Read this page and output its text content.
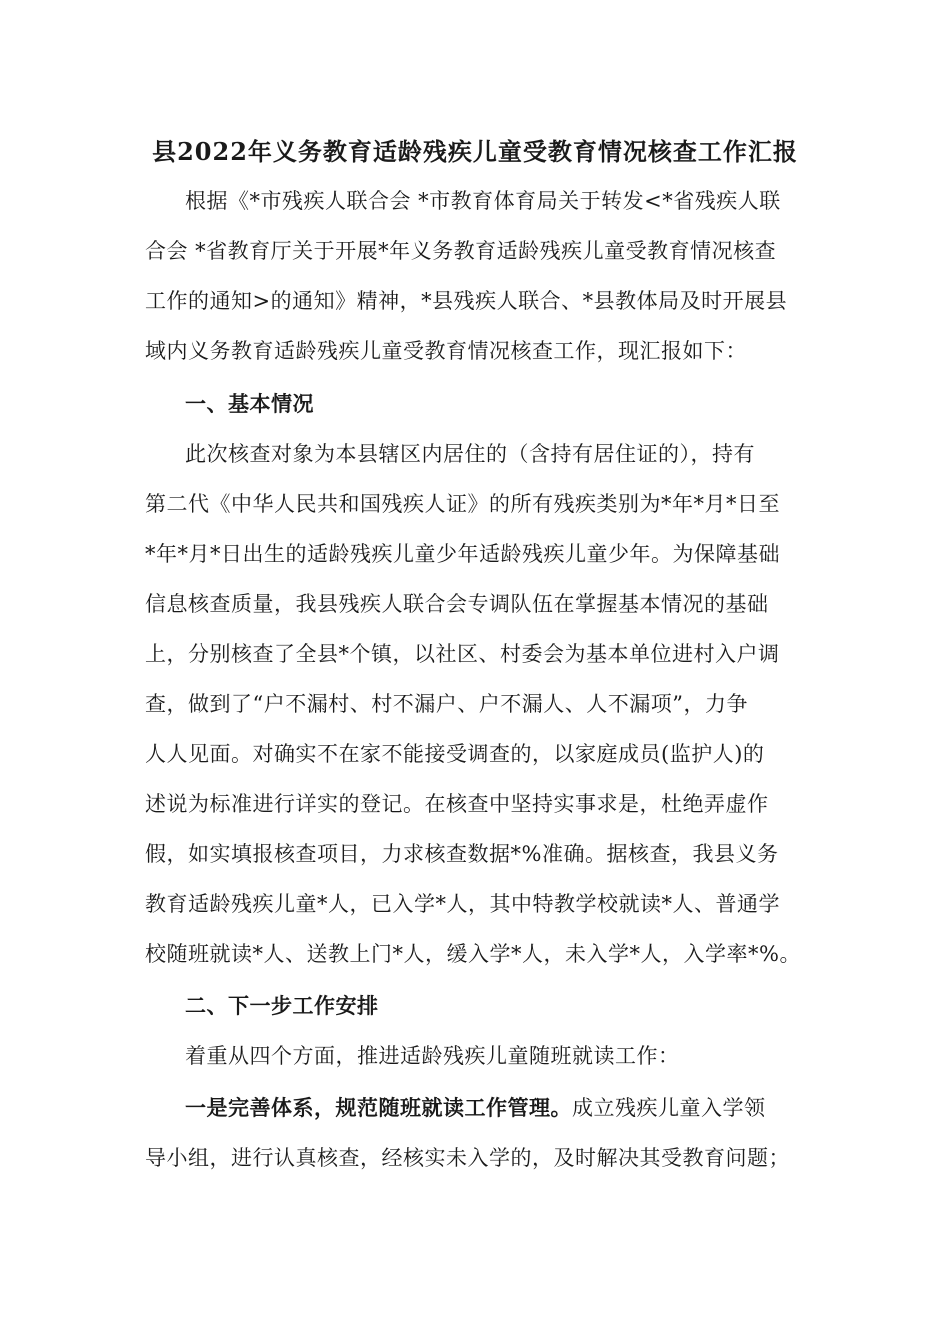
县2022年义务教育适龄残疾儿童受教育情况核查工作汇报
根据《*市残疾人联合会 *市教育体育局关于转发<*省残疾人联
合会 *省教育厅关于开展*年义务教育适龄残疾儿童受教育情况核查
工作的通知>的通知》精神，*县残疾人联合、*县教体局及时开展县
域内义务教育适龄残疾儿童受教育情况核查工作，现汇报如下：
一、基本情况
此次核查对象为本县辖区内居住的（含持有居住证的），持有
第二代《中华人民共和国残疾人证》的所有残疾类别为*年*月*日至
*年*月*日出生的适龄残疾儿童少年适龄残疾儿童少年。为保障基础
信息核查质量，我县残疾人联合会专调队伍在掌握基本情况的基础
上，分别核查了全县*个镇，以社区、村委会为基本单位进村入户调
查，做到了“户不漏村、村不漏户、户不漏人、人不漏项”，力争
人人见面。对确实不在家不能接受调查的，以家庭成员(监护人)的
述说为标准进行详实的登记。在核查中坚持实事求是，杜绝弄虚作
假，如实填报核查项目，力求核查数据*%准确。据核查，我县义务
教育适龄残疾儿童*人，已入学*人，其中特教学校就读*人、普通学
校随班就读*人、送教上门*人，缓入学*人，未入学*人，入学率*%。
二、下一步工作安排
着重从四个方面，推进适龄残疾儿童随班就读工作：
一是完善体系，规范随班就读工作管理。成立残疾儿童入学领
导小组，进行认真核查，经核实未入学的，及时解决其受教育问题；
